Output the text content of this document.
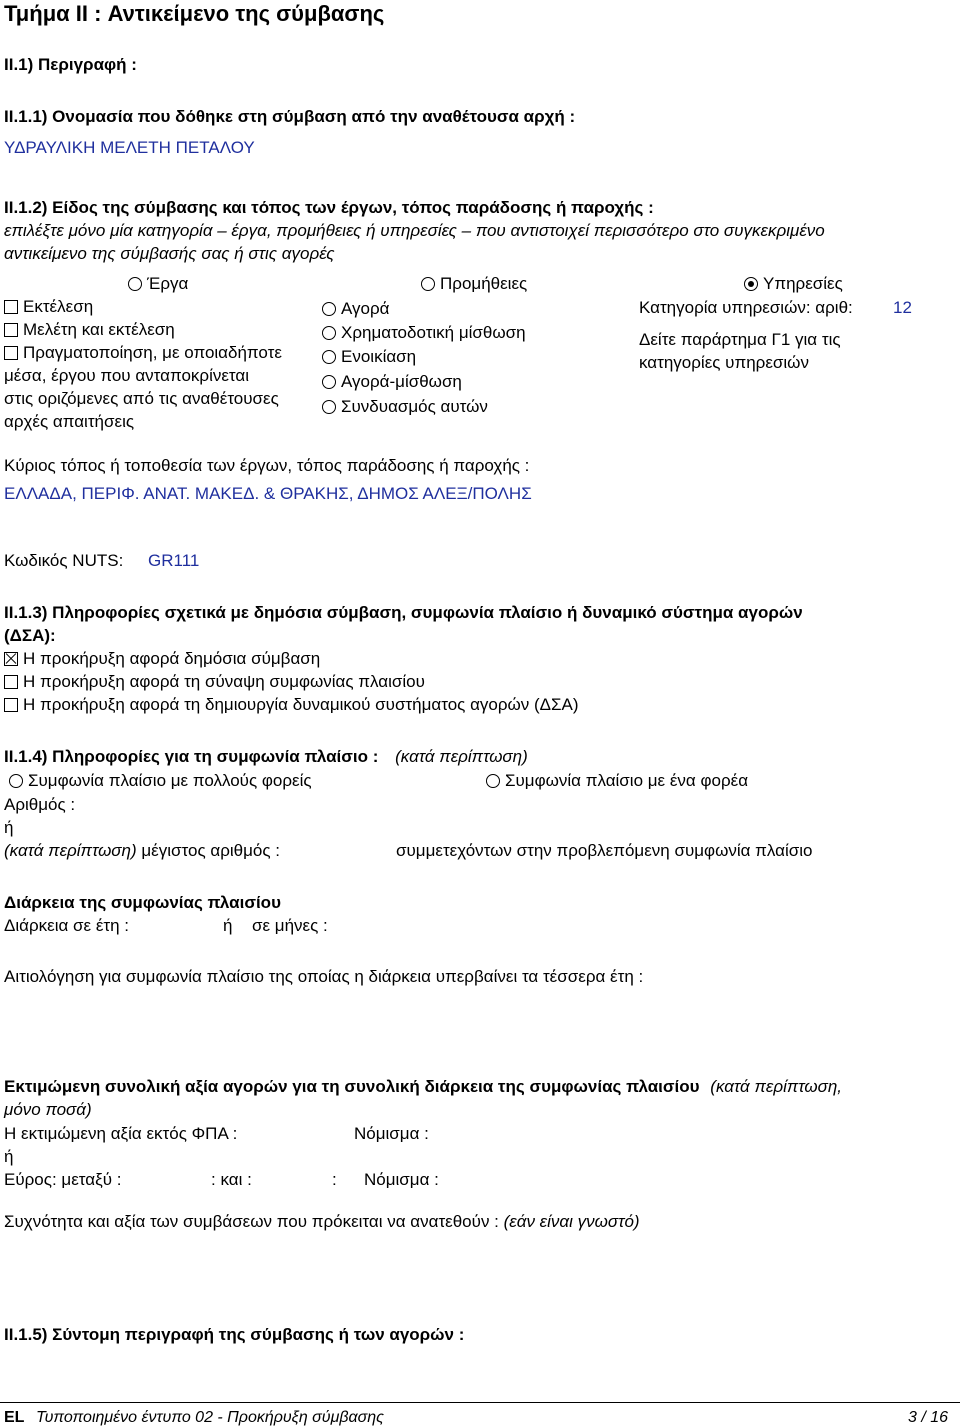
Τμήμα II : Αντικείμενο της σύμβασης
II.1) Περιγραφή :
II.1.1) Ονομασία που δόθηκε στη σύμβαση από την αναθέτουσα αρχή :
ΥΔΡΑΥΛΙΚΗ ΜΕΛΕΤΗ ΠΕΤΑΛΟΥ
II.1.2) Είδος της σύμβασης και τόπος των έργων, τόπος παράδοσης ή παροχής :
επιλέξτε μόνο μία κατηγορία – έργα, προμήθειες ή υπηρεσίες – που αντιστοιχεί περισσότερο στο συγκεκριμένο
αντικείμενο της σύμβασής σας ή στις αγορές
Έργα	Προμήθειες	Υπηρεσίες
Εκτέλεση
Μελέτη και εκτέλεση
Πραγματοποίηση, με οποιαδήποτε
μέσα, έργου που ανταποκρίνεται
στις οριζόμενες από τις αναθέτουσες
αρχές απαιτήσεις
Αγορά
Χρηματοδοτική μίσθωση
Ενοικίαση
Αγορά-μίσθωση
Συνδυασμός αυτών
Κατηγορία υπηρεσιών: αριθ: 12
Δείτε παράρτημα Γ1 για τις
κατηγορίες υπηρεσιών
Κύριος τόπος ή τοποθεσία των έργων, τόπος παράδοσης ή παροχής :
ΕΛΛΑΔΑ, ΠΕΡΙΦ. ΑΝΑΤ. ΜΑΚΕΔ. & ΘΡΑΚΗΣ, ΔΗΜΟΣ ΑΛΕΞ/ΠΟΛΗΣ
Κωδικός NUTS: GR111
II.1.3) Πληροφορίες σχετικά με δημόσια σύμβαση, συμφωνία πλαίσιο ή δυναμικό σύστημα αγορών
(ΔΣΑ):
Η προκήρυξη αφορά δημόσια σύμβαση
Η προκήρυξη αφορά τη σύναψη συμφωνίας πλαισίου
Η προκήρυξη αφορά τη δημιουργία δυναμικού συστήματος αγορών (ΔΣΑ)
II.1.4) Πληροφορίες για τη συμφωνία πλαίσιο : (κατά περίπτωση)
Συμφωνία πλαίσιο με πολλούς φορείς	Συμφωνία πλαίσιο με ένα φορέα
Αριθμός :
ή
(κατά περίπτωση) μέγιστος αριθμός :	συμμετεχόντων στην προβλεπόμενη συμφωνία πλαίσιο
Διάρκεια της συμφωνίας πλαισίου
Διάρκεια σε έτη :	ή σε μήνες :
Αιτιολόγηση για συμφωνία πλαίσιο της οποίας η διάρκεια υπερβαίνει τα τέσσερα έτη :
Εκτιμώμενη συνολική αξία αγορών για τη συνολική διάρκεια της συμφωνίας πλαισίου (κατά περίπτωση,
μόνο ποσά)
Η εκτιμώμενη αξία εκτός ΦΠΑ :	Νόμισμα :
ή
Εύρος: μεταξύ :	: και :	: Νόμισμα :
Συχνότητα και αξία των συμβάσεων που πρόκειται να ανατεθούν : (εάν είναι γνωστό)
II.1.5) Σύντομη περιγραφή της σύμβασης ή των αγορών :
EL Τυποποιημένο έντυπο 02 - Προκήρυξη σύμβασης	3 / 16
